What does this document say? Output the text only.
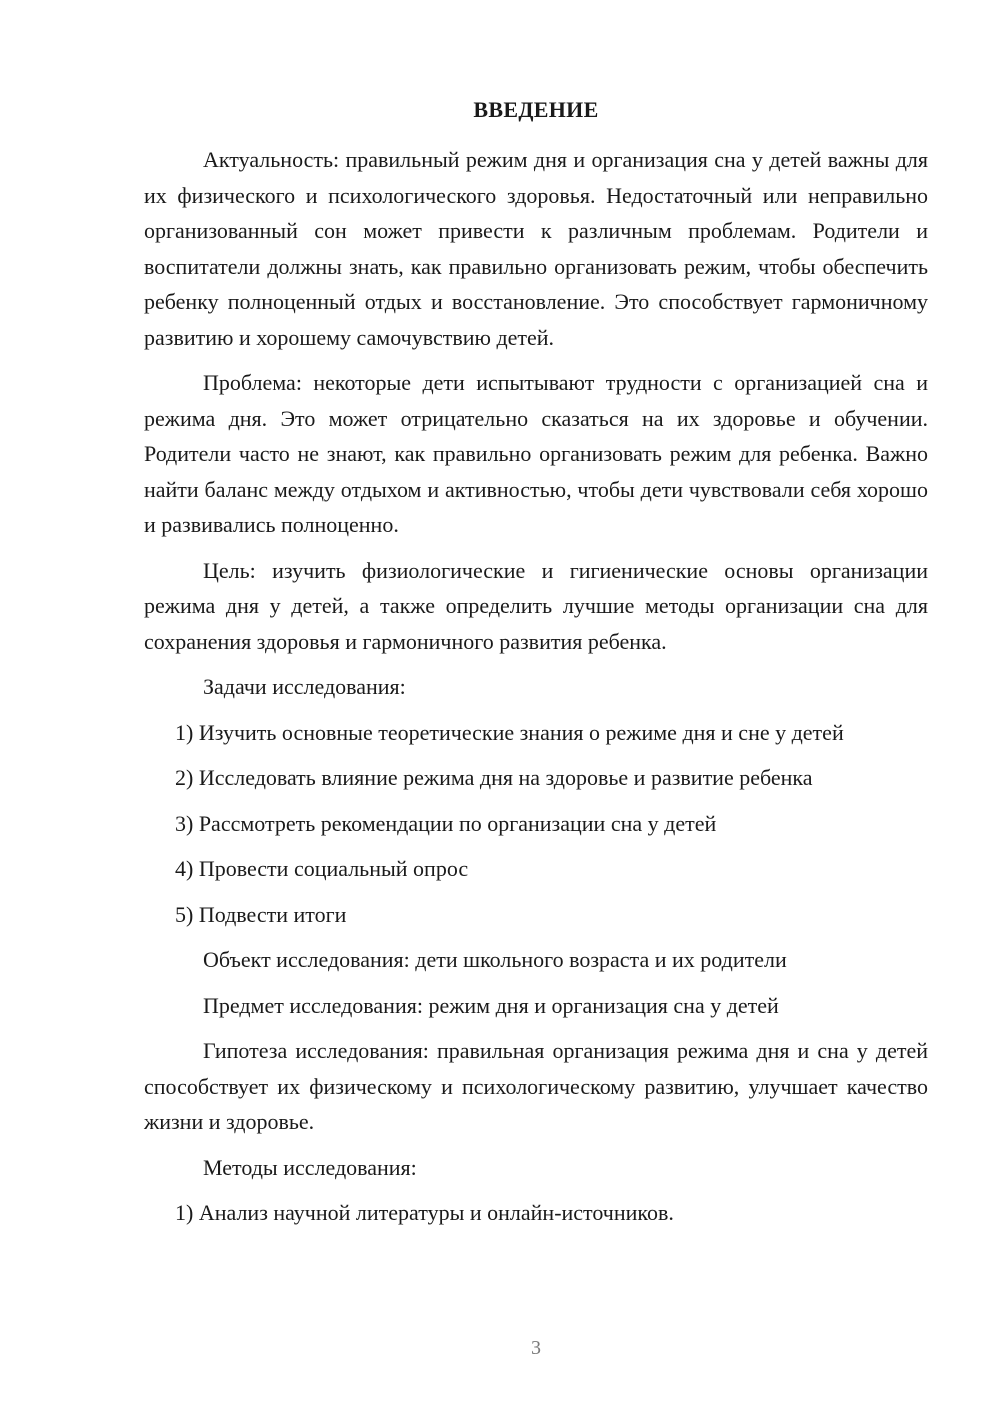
ВВЕДЕНИЕ

Актуальность: правильный режим дня и организация сна у детей важны для их физического и психологического здоровья. Недостаточный или неправильно организованный сон может привести к различным проблемам. Родители и воспитатели должны знать, как правильно организовать режим, чтобы обеспечить ребенку полноценный отдых и восстановление. Это способствует гармоничному развитию и хорошему самочувствию детей.

Проблема: некоторые дети испытывают трудности с организацией сна и режима дня. Это может отрицательно сказаться на их здоровье и обучении. Родители часто не знают, как правильно организовать режим для ребенка. Важно найти баланс между отдыхом и активностью, чтобы дети чувствовали себя хорошо и развивались полноценно.

Цель: изучить физиологические и гигиенические основы организации режима дня у детей, а также определить лучшие методы организации сна для сохранения здоровья и гармоничного развития ребенка.

Задачи исследования:
1) Изучить основные теоретические знания о режиме дня и сне у детей
2) Исследовать влияние режима дня на здоровье и развитие ребенка
3) Рассмотреть рекомендации по организации сна у детей
4) Провести социальный опрос
5) Подвести итоги
Объект исследования: дети школьного возраста и их родители
Предмет исследования: режим дня и организация сна у детей

Гипотеза исследования: правильная организация режима дня и сна у детей способствует их физическому и психологическому развитию, улучшает качество жизни и здоровье.

Методы исследования:
1) Анализ научной литературы и онлайн-источников.
3
